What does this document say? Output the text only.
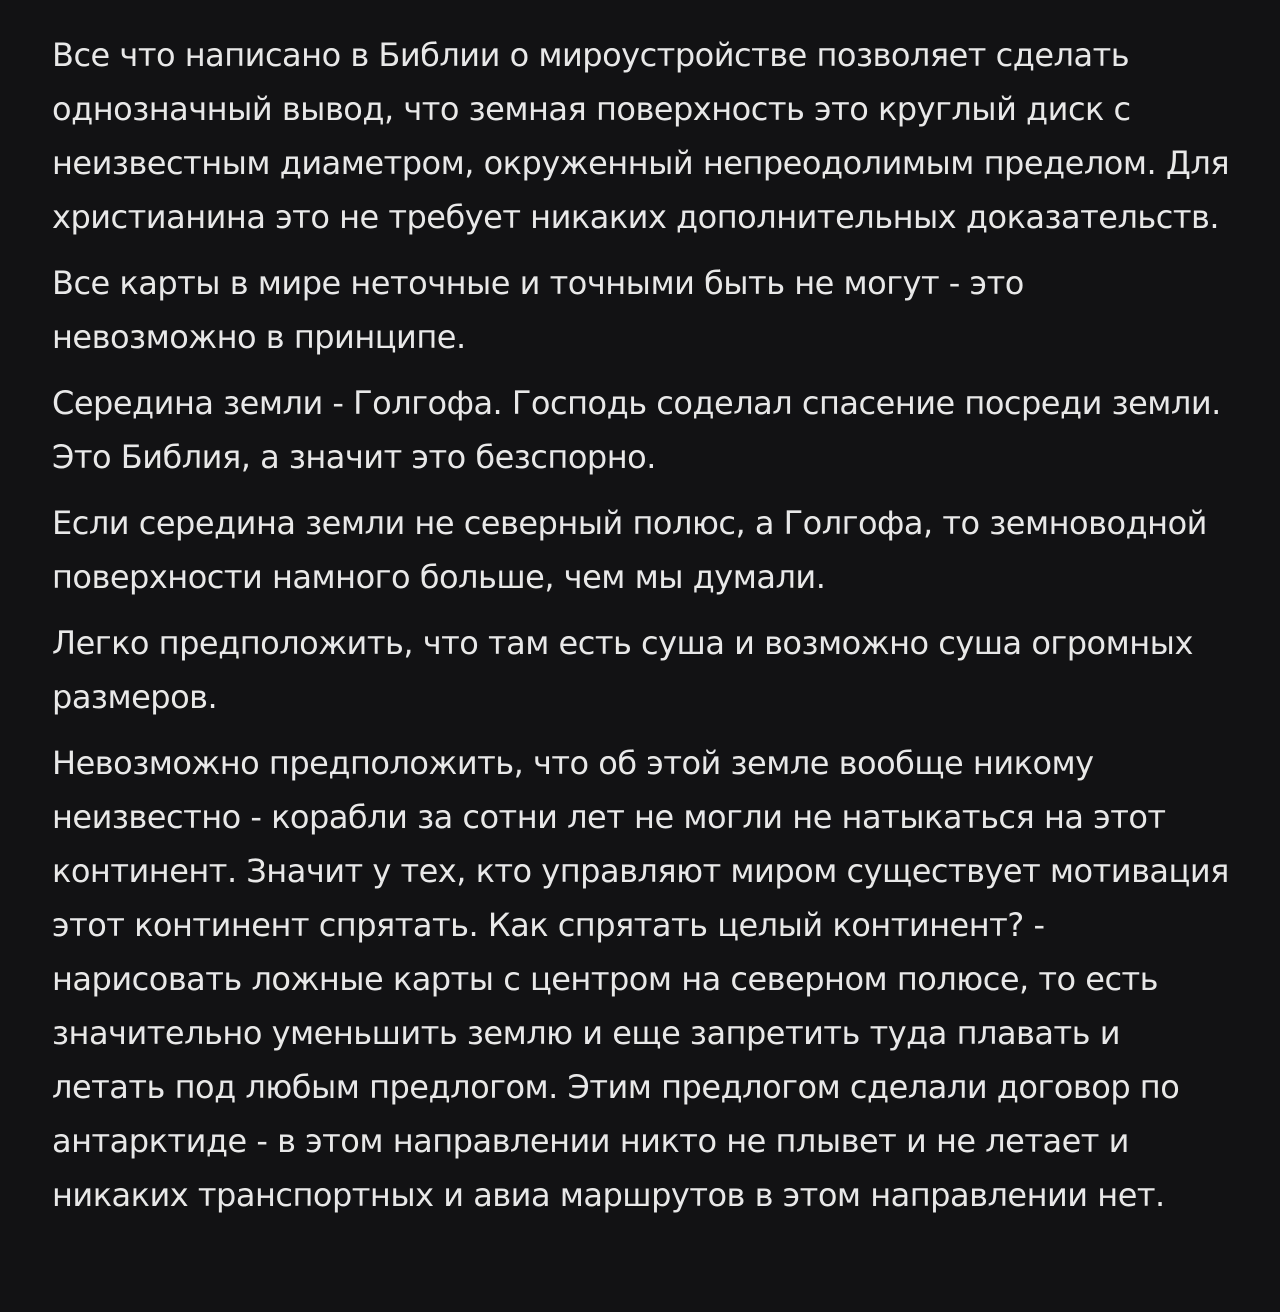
Все что написано в Библии о мироустройстве позволяет сделать однозначный вывод, что земная поверхность это круглый диск с неизвестным диаметром, окруженный непреодолимым пределом. Для христианина это не требует никаких дополнительных доказательств.

Все карты в мире неточные и точными быть не могут - это невозможно в принципе.

Середина земли - Голгофа. Господь соделал спасение посреди земли. Это Библия, а значит это безспорно.

Если середина земли не северный полюс, а Голгофа, то земноводной поверхности намного больше, чем мы думали.

Легко предположить, что там есть суша и возможно суша огромных размеров.

Невозможно предположить, что об этой земле вообще никому неизвестно - корабли за сотни лет не могли не натыкаться на этот континент. Значит у тех, кто управляют миром существует мотивация этот континент спрятать. Как спрятать целый континент? - нарисовать ложные карты с центром на северном полюсе, то есть значительно уменьшить землю и еще запретить туда плавать и летать под любым предлогом. Этим предлогом сделали договор по антарктиде - в этом направлении никто не плывет и не летает и никаких транспортных и авиа маршрутов в этом направлении нет.
